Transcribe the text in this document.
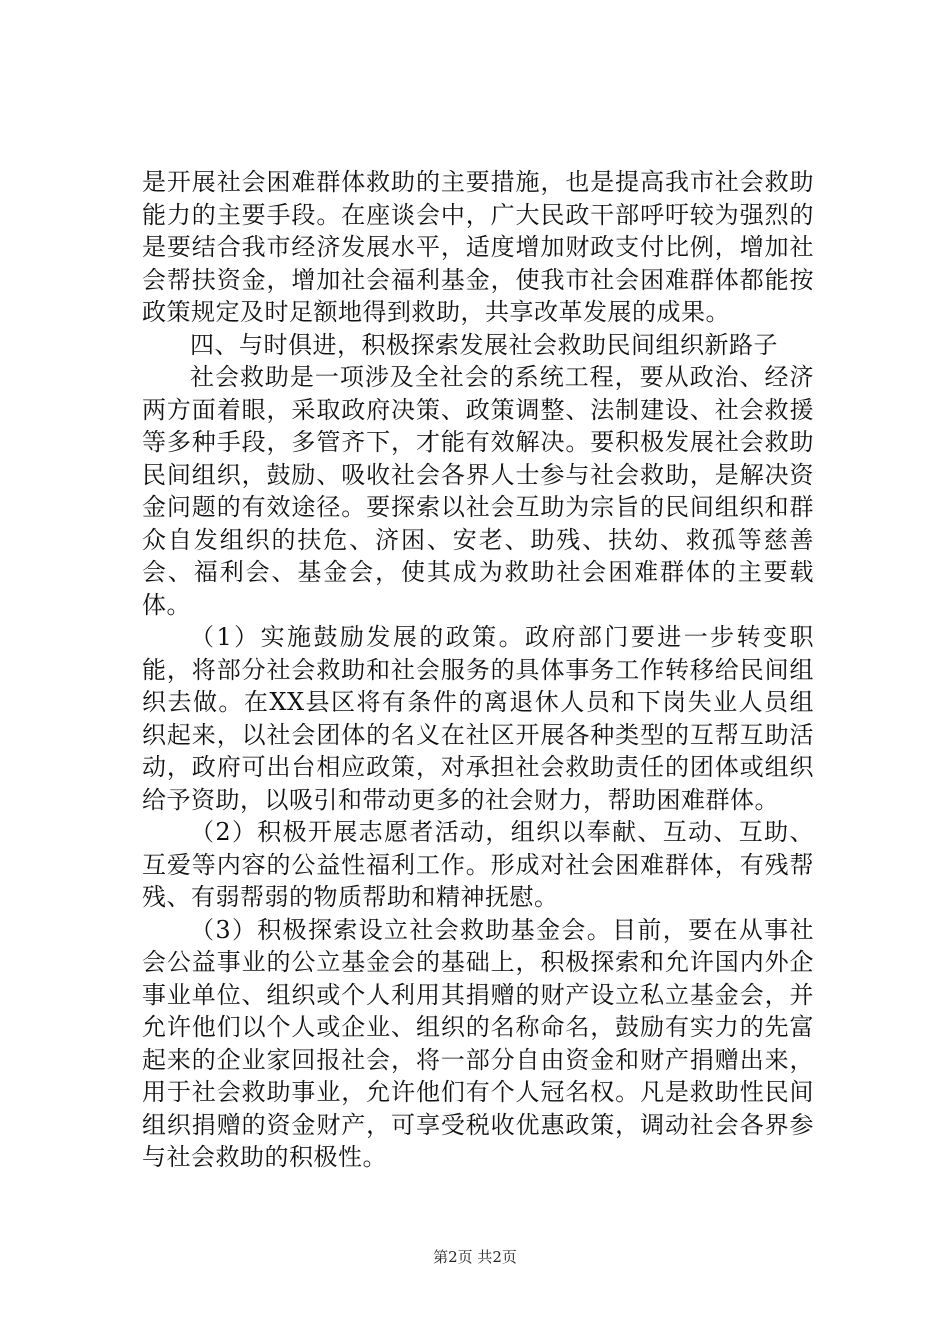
是开展社会困难群体救助的主要措施，也是提高我市社会救助能力的主要手段。在座谈会中，广大民政干部呼吁较为强烈的是要结合我市经济发展水平，适度增加财政支付比例，增加社会帮扶资金，增加社会福利基金，使我市社会困难群体都能按政策规定及时足额地得到救助，共享改革发展的成果。

四、与时俱进，积极探索发展社会救助民间组织新路子

社会救助是一项涉及全社会的系统工程，要从政治、经济两方面着眼，采取政府决策、政策调整、法制建设、社会救援等多种手段，多管齐下，才能有效解决。要积极发展社会救助民间组织，鼓励、吸收社会各界人士参与社会救助，是解决资金问题的有效途径。要探索以社会互助为宗旨的民间组织和群众自发组织的扶危、济困、安老、助残、扶幼、救孤等慈善会、福利会、基金会，使其成为救助社会困难群体的主要载体。

（1）实施鼓励发展的政策。政府部门要进一步转变职能，将部分社会救助和社会服务的具体事务工作转移给民间组织去做。在XX县区将有条件的离退休人员和下岗失业人员组织起来，以社会团体的名义在社区开展各种类型的互帮互助活动，政府可出台相应政策，对承担社会救助责任的团体或组织给予资助，以吸引和带动更多的社会财力，帮助困难群体。

（2）积极开展志愿者活动，组织以奉献、互动、互助、互爱等内容的公益性福利工作。形成对社会困难群体，有残帮残、有弱帮弱的物质帮助和精神抚慰。

（3）积极探索设立社会救助基金会。目前，要在从事社会公益事业的公立基金会的基础上，积极探索和允许国内外企事业单位、组织或个人利用其捐赠的财产设立私立基金会，并允许他们以个人或企业、组织的名称命名，鼓励有实力的先富起来的企业家回报社会，将一部分自由资金和财产捐赠出来，用于社会救助事业，允许他们有个人冠名权。凡是救助性民间组织捐赠的资金财产，可享受税收优惠政策，调动社会各界参与社会救助的积极性。

第2页 共2页
